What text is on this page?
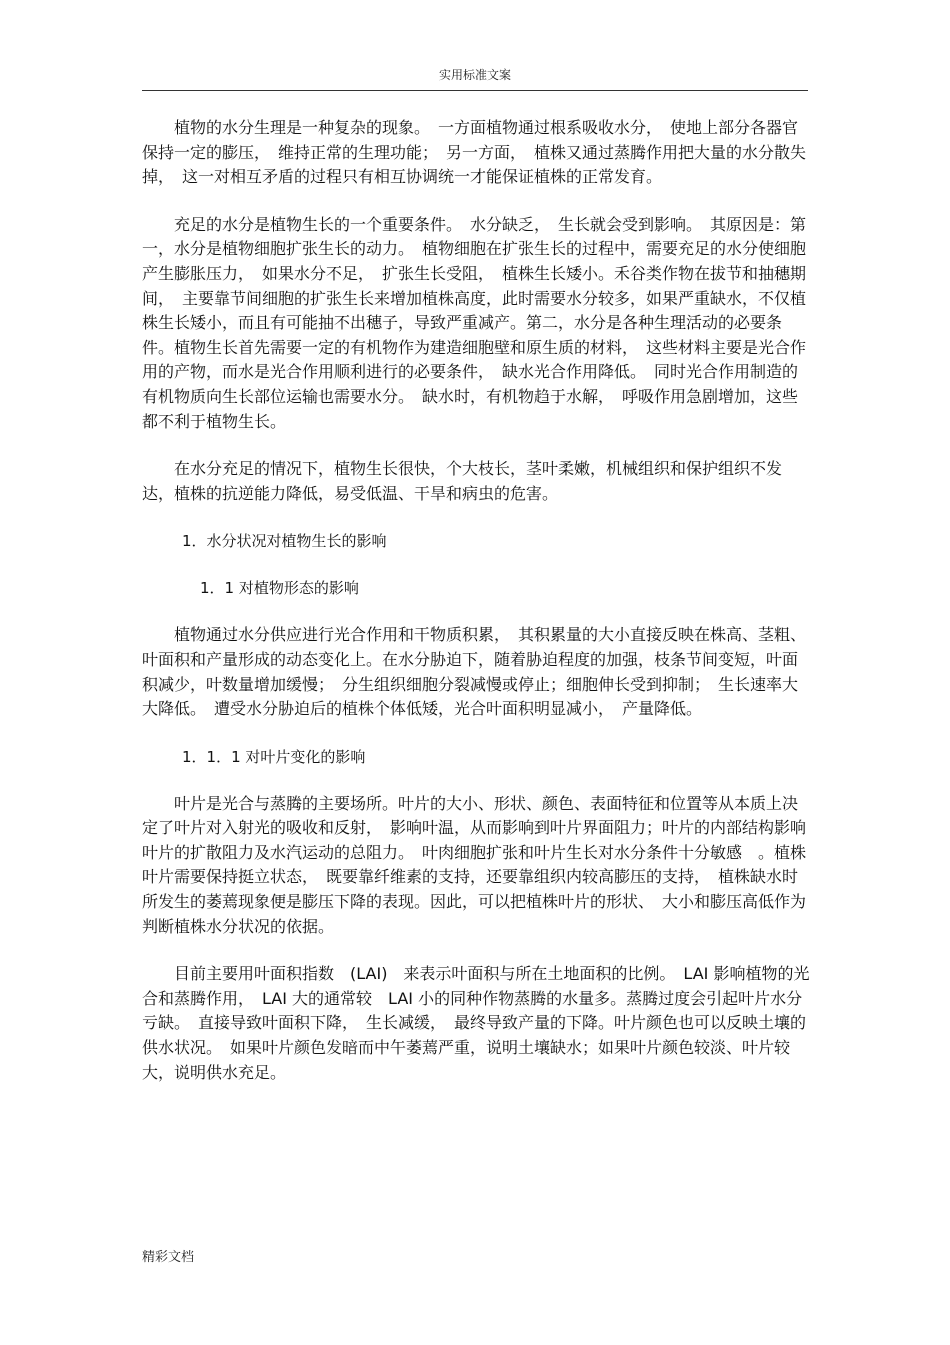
实用标准文案

植物的水分生理是一种复杂的现象。　一方面植物通过根系吸收水分，　使地上部分各器官保持一定的膨压，　维持正常的生理功能；　另一方面，　植株又通过蒸腾作用把大量的水分散失掉，　这一对相互矛盾的过程只有相互协调统一才能保证植株的正常发育。

充足的水分是植物生长的一个重要条件。　水分缺乏，　生长就会受到影响。　其原因是：第一，水分是植物细胞扩张生长的动力。　植物细胞在扩张生长的过程中，需要充足的水分使细胞产生膨胀压力，　如果水分不足，　扩张生长受阻，　植株生长矮小。禾谷类作物在拔节和抽穗期间，　主要靠节间细胞的扩张生长来增加植株高度，此时需要水分较多，如果严重缺水，不仅植株生长矮小，而且有可能抽不出穗子，导致严重减产。第二，水分是各种生理活动的必要条件。植物生长首先需要一定的有机物作为建造细胞壁和原生质的材料，　这些材料主要是光合作用的产物，而水是光合作用顺利进行的必要条件，　缺水光合作用降低。　同时光合作用制造的有机物质向生长部位运输也需要水分。　缺水时，有机物趋于水解，　呼吸作用急剧增加，这些都不利于植物生长。

在水分充足的情况下，植物生长很快，个大枝长，茎叶柔嫩，机械组织和保护组织不发达，植株的抗逆能力降低，易受低温、干旱和病虫的危害。

1．水分状况对植物生长的影响
1．1 对植物形态的影响

植物通过水分供应进行光合作用和干物质积累，　其积累量的大小直接反映在株高、茎粗、叶面积和产量形成的动态变化上。在水分胁迫下，随着胁迫程度的加强，枝条节间变短，叶面积减少，叶数量增加缓慢；　分生组织细胞分裂减慢或停止；细胞伸长受到抑制；　生长速率大大降低。　遭受水分胁迫后的植株个体低矮，光合叶面积明显减小，　产量降低。

1．1．1 对叶片变化的影响

叶片是光合与蒸腾的主要场所。叶片的大小、形状、颜色、表面特征和位置等从本质上决定了叶片对入射光的吸收和反射，　影响叶温，从而影响到叶片界面阻力；叶片的内部结构影响叶片的扩散阻力及水汽运动的总阻力。　叶肉细胞扩张和叶片生长对水分条件十分敏感　。植株叶片需要保持挺立状态，　既要靠纤维素的支持，还要靠组织内较高膨压的支持，　植株缺水时所发生的萎蔫现象便是膨压下降的表现。因此，可以把植株叶片的形状、　大小和膨压高低作为判断植株水分状况的依据。

目前主要用叶面积指数　(LAI)　来表示叶面积与所在土地面积的比例。　LAI 影响植物的光合和蒸腾作用，　LAI 大的通常较　LAI 小的同种作物蒸腾的水量多。蒸腾过度会引起叶片水分亏缺。　直接导致叶面积下降，　生长减缓，　最终导致产量的下降。叶片颜色也可以反映土壤的供水状况。　如果叶片颜色发暗而中午萎蔫严重，说明土壤缺水；如果叶片颜色较淡、叶片较大，说明供水充足。

精彩文档
